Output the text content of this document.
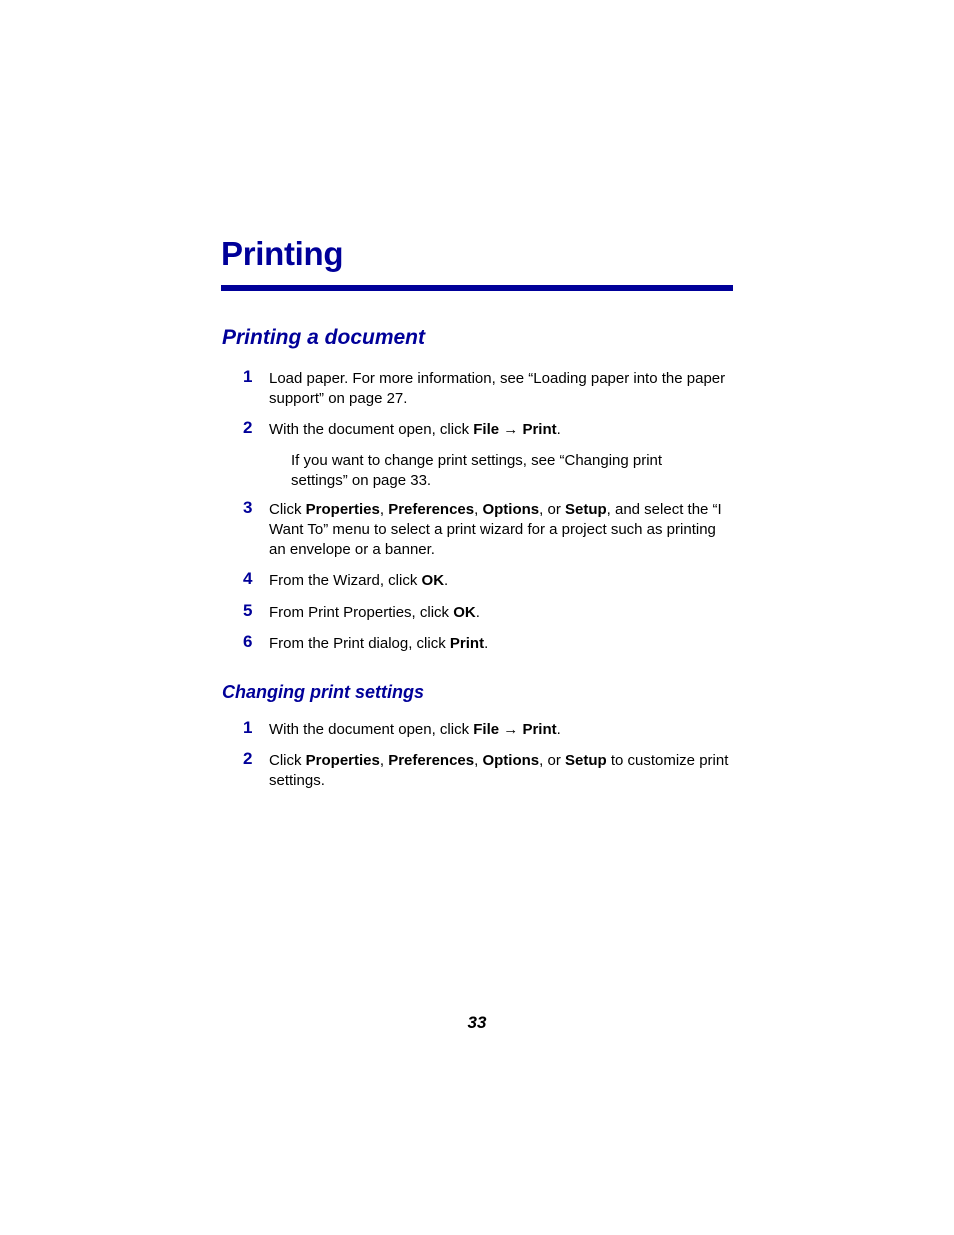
Printing
Printing a document
1	Load paper. For more information, see “Loading paper into the paper support” on page 27.
2	With the document open, click File → Print.
If you want to change print settings, see “Changing print settings” on page 33.
3	Click Properties, Preferences, Options, or Setup, and select the “I Want To” menu to select a print wizard for a project such as printing an envelope or a banner.
4	From the Wizard, click OK.
5	From Print Properties, click OK.
6	From the Print dialog, click Print.
Changing print settings
1	With the document open, click File → Print.
2	Click Properties, Preferences, Options, or Setup to customize print settings.
33
